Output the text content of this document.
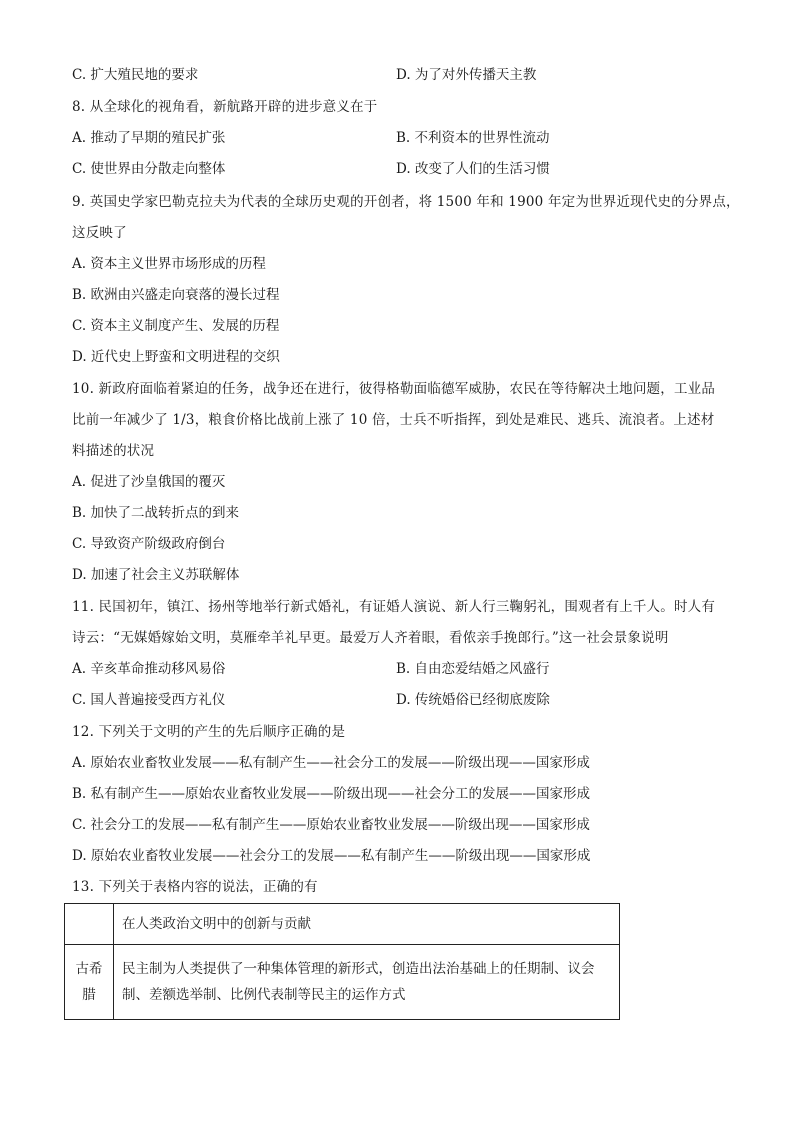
C. 扩大殖民地的要求	D. 为了对外传播天主教
8. 从全球化的视角看，新航路开辟的进步意义在于
A. 推动了早期的殖民扩张	B. 不利资本的世界性流动
C. 使世界由分散走向整体	D. 改变了人们的生活习惯
9. 英国史学家巴勒克拉夫为代表的全球历史观的开创者，将 1500 年和 1900 年定为世界近现代史的分界点，
这反映了
A. 资本主义世界市场形成的历程
B. 欧洲由兴盛走向衰落的漫长过程
C. 资本主义制度产生、发展的历程
D. 近代史上野蛮和文明进程的交织
10. 新政府面临着紧迫的任务，战争还在进行，彼得格勒面临德军威胁，农民在等待解决土地问题，工业品
比前一年减少了 1/3，粮食价格比战前上涨了 10 倍，士兵不听指挥，到处是难民、逃兵、流浪者。上述材
料描述的状况
A. 促进了沙皇俄国的覆灭
B. 加快了二战转折点的到来
C. 导致资产阶级政府倒台
D. 加速了社会主义苏联解体
11. 民国初年，镇江、扬州等地举行新式婚礼，有证婚人演说、新人行三鞠躬礼，围观者有上千人。时人有
诗云：“无媒婚嫁始文明，莫雁牵羊礼早更。最爱万人齐着眼，看侬亲手挽郎行。”这一社会景象说明
A. 辛亥革命推动移风易俗	B. 自由恋爱结婚之风盛行
C. 国人普遍接受西方礼仪	D. 传统婚俗已经彻底废除
12. 下列关于文明的产生的先后顺序正确的是
A. 原始农业畜牧业发展——私有制产生——社会分工的发展——阶级出现——国家形成
B. 私有制产生——原始农业畜牧业发展——阶级出现——社会分工的发展——国家形成
C. 社会分工的发展——私有制产生——原始农业畜牧业发展——阶级出现——国家形成
D. 原始农业畜牧业发展——社会分工的发展——私有制产生——阶级出现——国家形成
13. 下列关于表格内容的说法，正确的有
	在人类政治文明中的创新与贡献
古希腊	民主制为人类提供了一种集体管理的新形式，创造出法治基础上的任期制、议会制、差额选举制、比例代表制等民主的运作方式
